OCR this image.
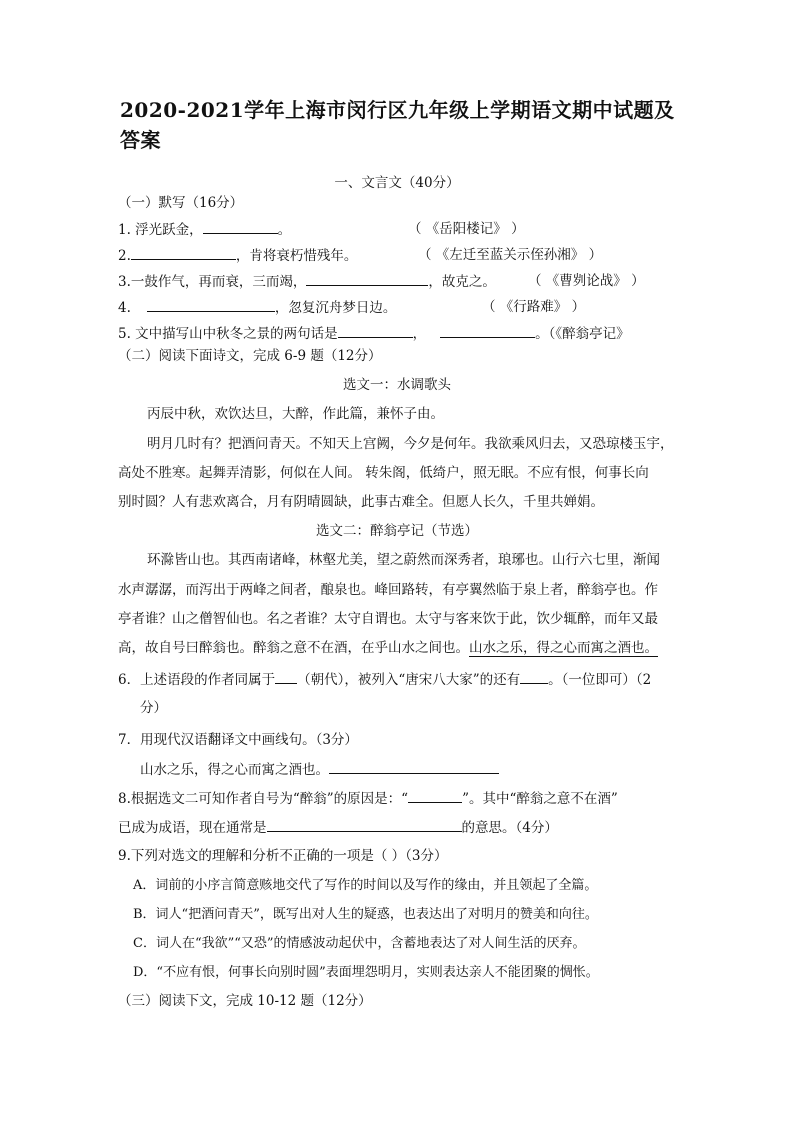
2020-2021学年上海市闵行区九年级上学期语文期中试题及答案
一、文言文（40分）
（一）默写（16分）
1. 浮光跃金，	。	（ 《岳阳楼记》 ）
2.	，肯将衰朽惜残年。	（ 《左迁至蓝关示侄孙湘》 ）
3.一鼓作气，再而衰，三而竭，	，故克之。 （ 《曹刿论战》 ）
4.	，忽复沉舟梦日边。	（ 《行路难》 ）
5. 文中描写山中秋冬之景的两句话是	，	。（《醉翁亭记》
（二）阅读下面诗文，完成 6-9 题（12分）
选文一：水调歌头
丙辰中秋，欢饮达旦，大醉，作此篇，兼怀子由。
明月几时有？把酒问青天。不知天上宫阙，今夕是何年。我欲乘风归去，又恐琼楼玉宇，
高处不胜寒。起舞弄清影，何似在人间。 转朱阁，低绮户，照无眠。不应有恨，何事长向
别时圆？人有悲欢离合，月有阴晴圆缺，此事古难全。但愿人长久，千里共婵娟。
选文二：醉翁亭记（节选）
环滁皆山也。其西南诸峰，林壑尤美，望之蔚然而深秀者，琅琊也。山行六七里，渐闻
水声潺潺，而泻出于两峰之间者，酿泉也。峰回路转，有亭翼然临于泉上者，醉翁亭也。作
亭者谁？山之僧智仙也。名之者谁？太守自谓也。太守与客来饮于此，饮少辄醉，而年又最
高，故自号曰醉翁也。醉翁之意不在酒，在乎山水之间也。山水之乐，得之心而寓之酒也。
6．上述语段的作者同属于 （朝代），被列入“唐宋八大家”的还有 。（一位即可）（2
分）
7．用现代汉语翻译文中画线句。（3分）
山水之乐，得之心而寓之酒也。
8.根据选文二可知作者自号为“醉翁”的原因是：“	”。其中“醉翁之意不在酒”
已成为成语，现在通常是	的意思。（4分）
9.下列对选文的理解和分析不正确的一项是（ ）（3分）
A．词前的小序言简意赅地交代了写作的时间以及写作的缘由，并且领起了全篇。
B．词人“把酒问青天”，既写出对人生的疑惑，也表达出了对明月的赞美和向往。
C．词人在“我欲”“又恐”的情感波动起伏中，含蓄地表达了对人间生活的厌弃。
D．“不应有恨，何事长向别时圆”表面埋怨明月，实则表达亲人不能团聚的惆怅。
（三）阅读下文，完成 10-12 题（12分）
